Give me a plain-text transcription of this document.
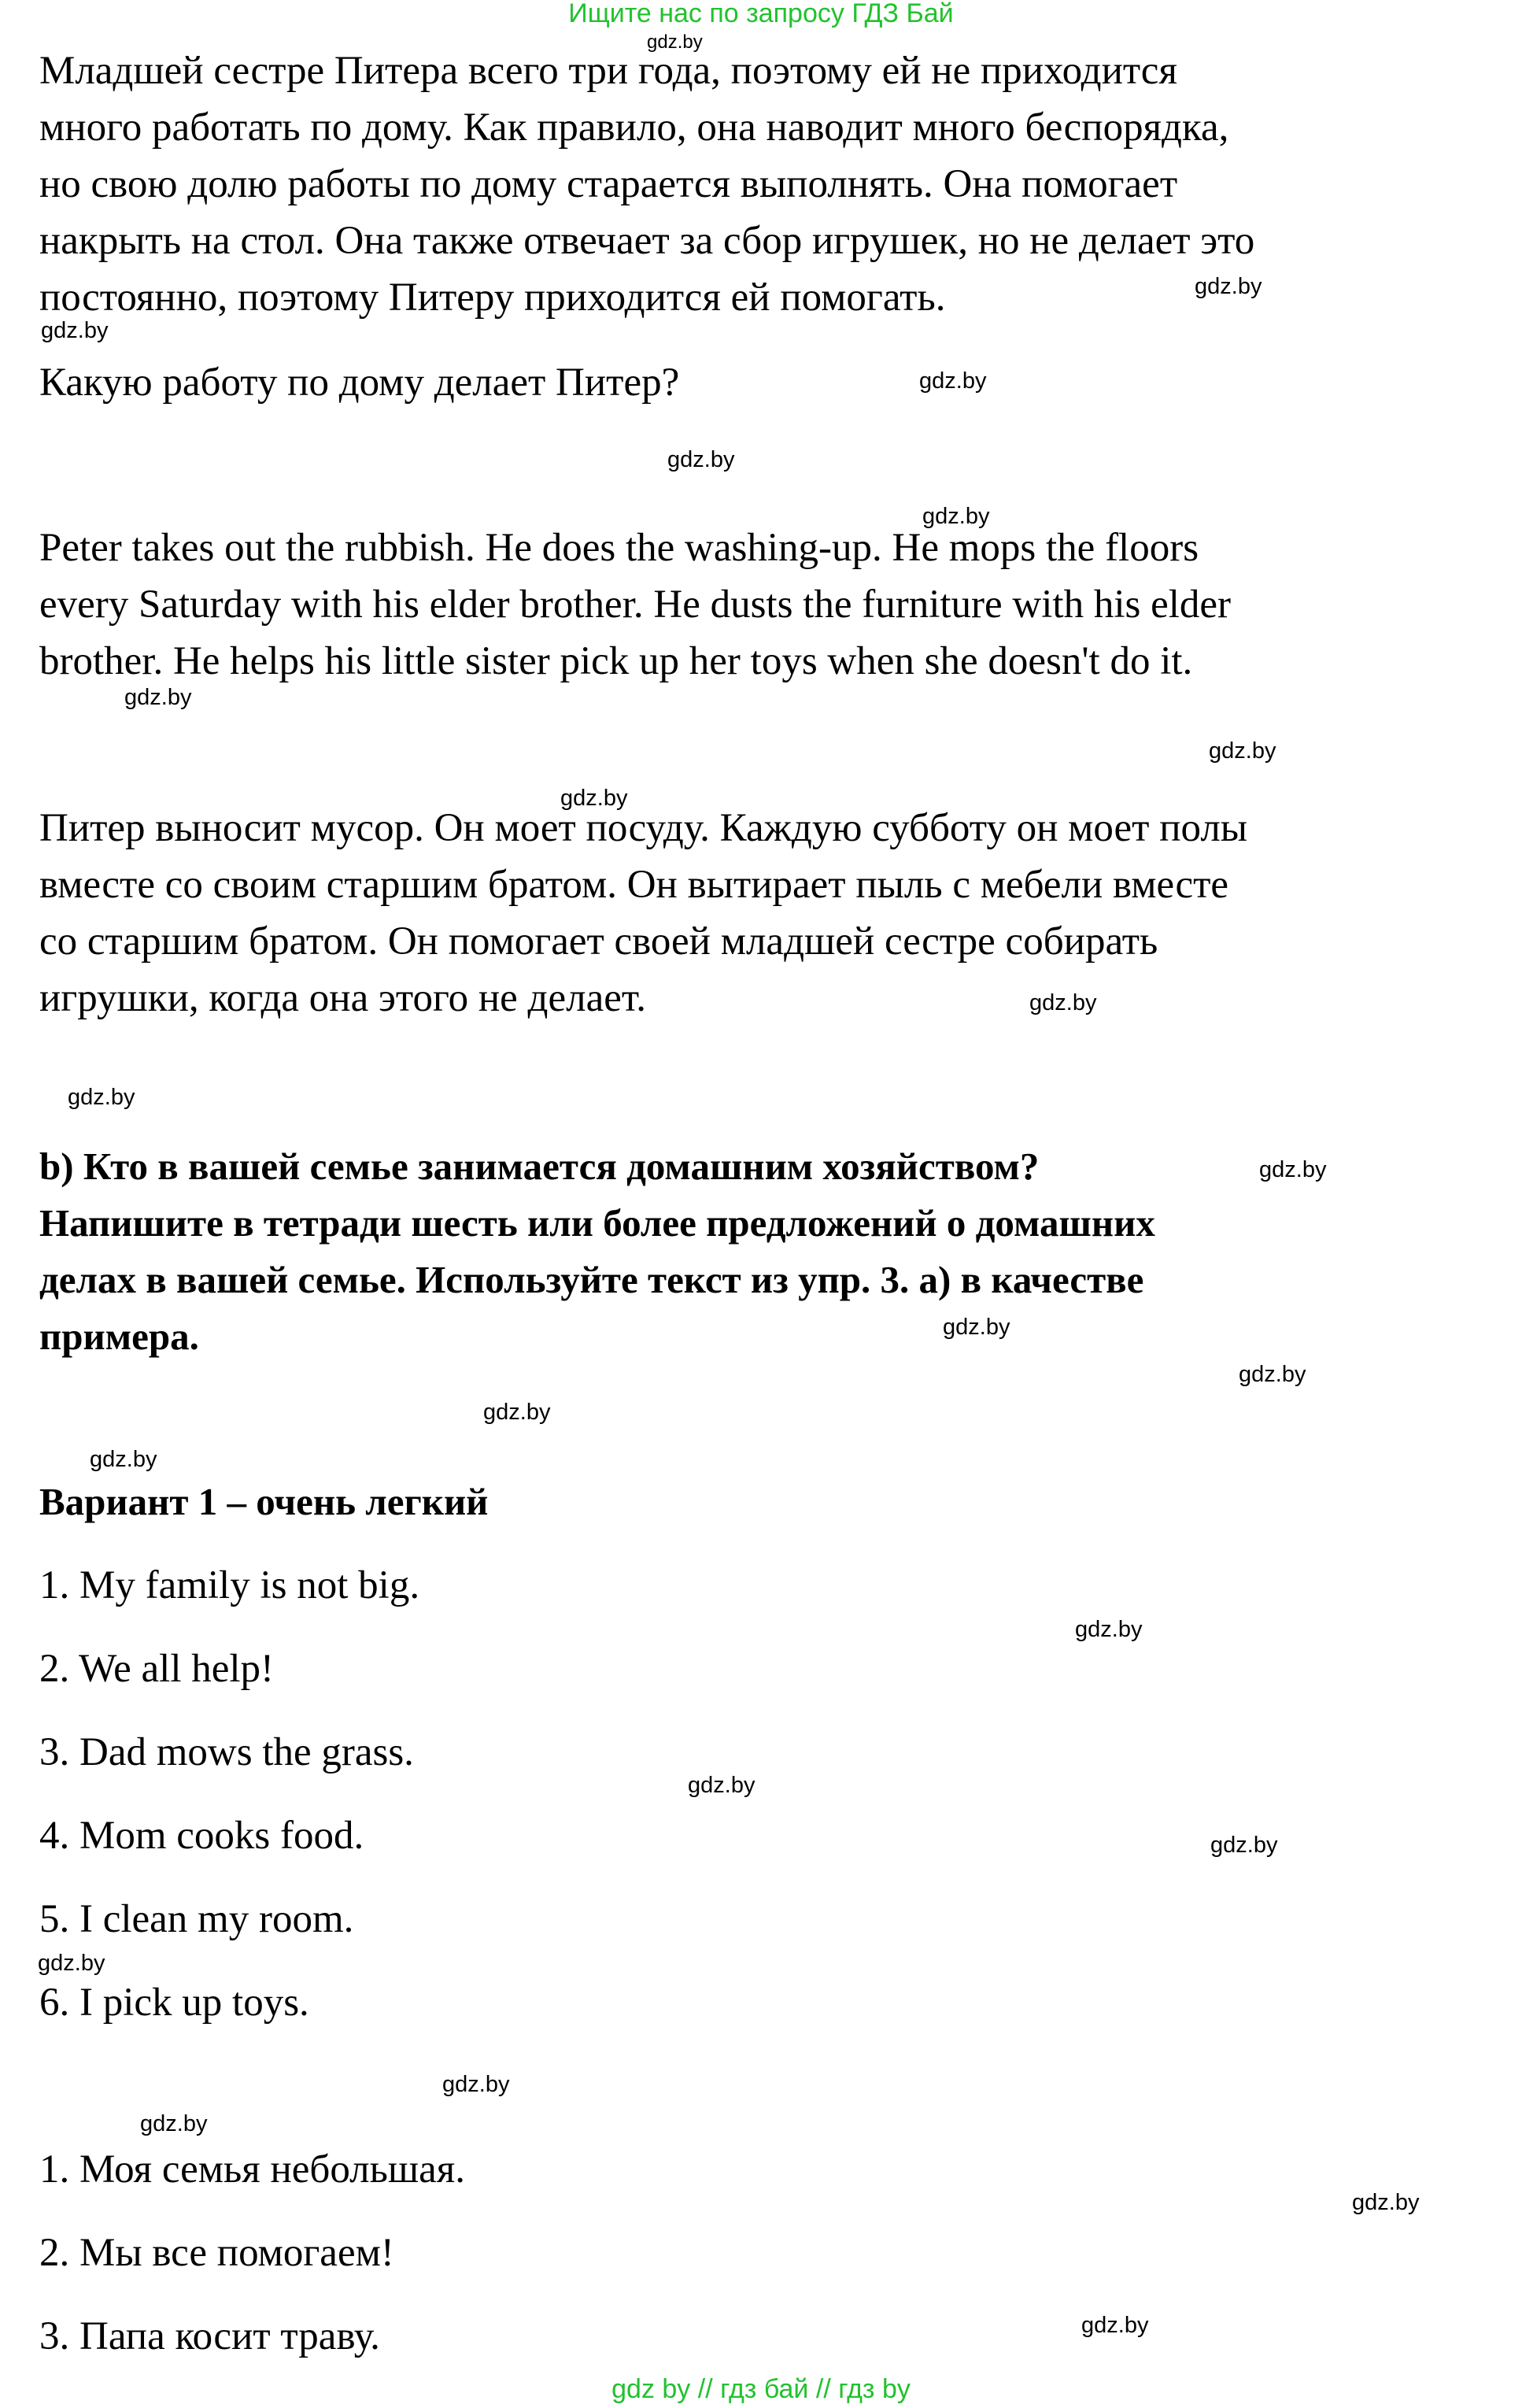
Ищите нас по запросу ГДЗ Бай
Младшей сестре Питера всего три года, поэтому ей не приходится
много работать по дому. Как правило, она наводит много беспорядка,
но свою долю работы по дому старается выполнять. Она помогает
накрыть на стол. Она также отвечает за сбор игрушек, но не делает это
постоянно, поэтому Питеру приходится ей помогать.
Какую работу по дому делает Питер?
Peter takes out the rubbish. He does the washing-up. He mops the floors
every Saturday with his elder brother. He dusts the furniture with his elder
brother. He helps his little sister pick up her toys when she doesn't do it.
Питер выносит мусор. Он моет посуду. Каждую субботу он моет полы
вместе со своим старшим братом. Он вытирает пыль с мебели вместе
со старшим братом. Он помогает своей младшей сестре собирать
игрушки, когда она этого не делает.
b) Кто в вашей семье занимается домашним хозяйством?
Напишите в тетради шесть или более предложений о домашних
делах в вашей семье. Используйте текст из упр. 3. а) в качестве
примера.
Вариант 1 – очень легкий
1. My family is not big.
2. We all help!
3. Dad mows the grass.
4. Mom cooks food.
5. I clean my room.
6. I pick up toys.
1. Моя семья небольшая.
2. Мы все помогаем!
3. Папа косит траву.
gdz.by
gdz.by
gdz.by
gdz.by
gdz.by
gdz.by
gdz.by
gdz.by
gdz.by
gdz.by
gdz.by
gdz.by
gdz.by
gdz.by
gdz.by
gdz.by
gdz.by
gdz.by
gdz.by
gdz.by
gdz.by
gdz.by
gdz.by
gdz.by
gdz by // гдз бай // гдз by
